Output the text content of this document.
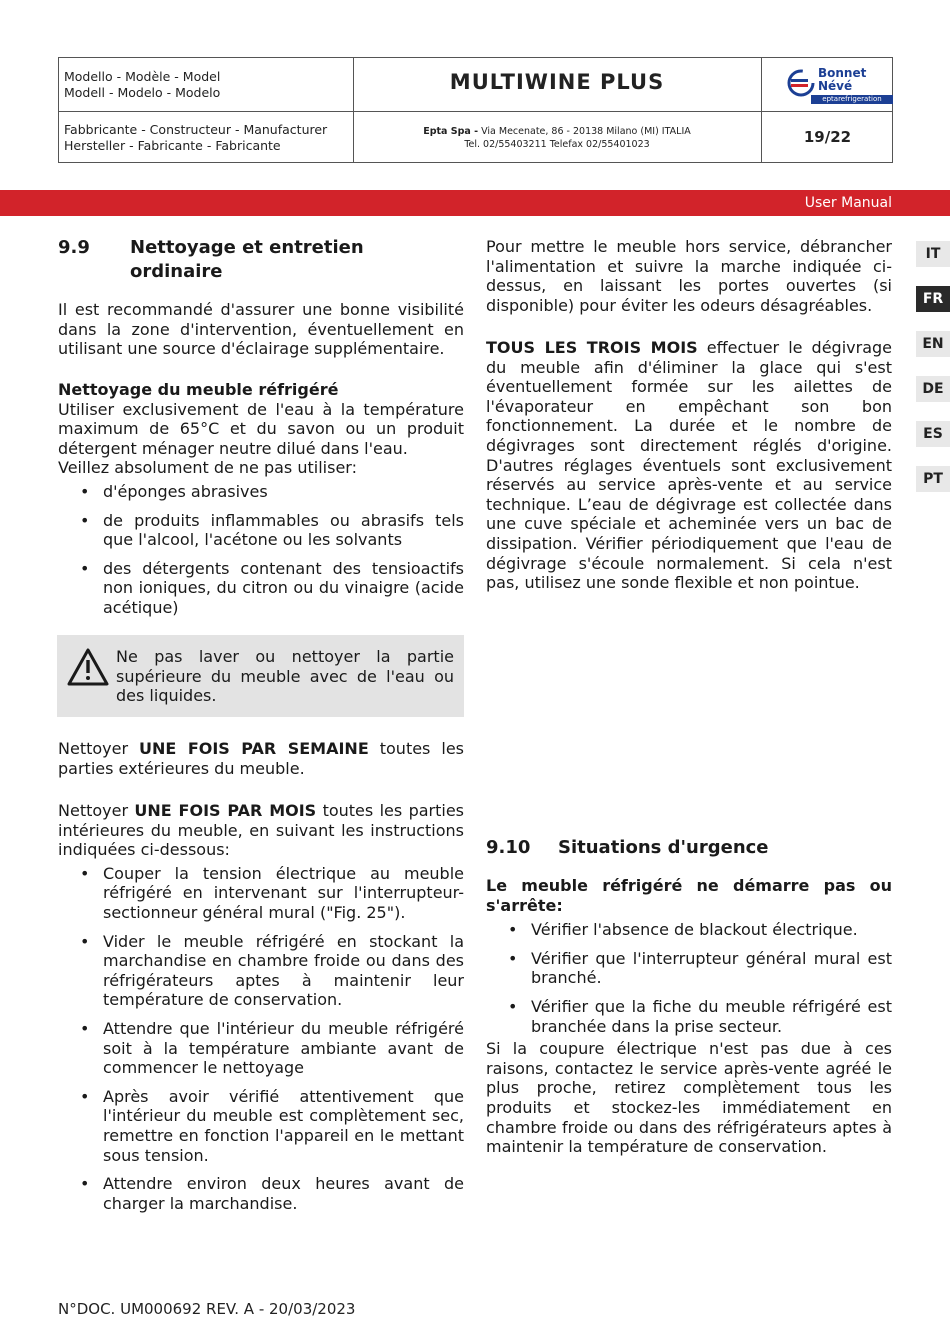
Modello - Modèle - Model
Modell - Modelo - Modelo
Fabbricante - Constructeur - Manufacturer
Hersteller - Fabricante - Fabricante
MULTIWINE PLUS
Epta Spa - Via Mecenate, 86 - 20138 Milano (MI) ITALIA
Tel. 02/55403211 Telefax 02/55401023	19/22
Bonnet
Névé
eptarefrigeration
User Manual
9.9 Nettoyage et entretien
ordinaire
Il est recommandé d'assurer une bonne visibilité dans la zone d'intervention, éventuellement en utilisant une source d'éclairage supplémentaire.
Nettoyage du meuble réfrigéré

Utiliser exclusivement de l'eau à la température maximum de 65°C et du savon ou un produit détergent ménager neutre dilué dans l'eau.

Veillez absolument de ne pas utiliser:

• d'éponges abrasives
• de produits inflammables ou abrasifs tels que l'alcool, l'acétone ou les solvants
• des détergents contenant des tensioactifs non ioniques, du citron ou du vinaigre (acide acétique)
Ne pas laver ou nettoyer la partie supérieure du meuble avec de l'eau ou des liquides.
Nettoyer UNE FOIS PAR SEMAINE toutes les parties extérieures du meuble.

Nettoyer UNE FOIS PAR MOIS toutes les parties intérieures du meuble, en suivant les instructions indiquées ci-dessous:

• Couper la tension électrique au meuble réfrigéré en intervenant sur l'interrupteur-sectionneur général mural ("Fig. 25").
• Vider le meuble réfrigéré en stockant la marchandise en chambre froide ou dans des réfrigérateurs aptes à maintenir leur température de conservation.
• Attendre que l'intérieur du meuble réfrigéré soit à la température ambiante avant de commencer le nettoyage
• Après avoir vérifié attentivement que l'intérieur du meuble est complètement sec, remettre en fonction l'appareil en le mettant sous tension.
• Attendre environ deux heures avant de charger la marchandise.
Pour mettre le meuble hors service, débrancher l'alimentation et suivre la marche indiquée ci-dessus, en laissant les portes ouvertes (si disponible) pour éviter les odeurs désagréables.
TOUS LES TROIS MOIS effectuer le dégivrage du meuble afin d'éliminer la glace qui s'est éventuellement formée sur les ailettes de l'évaporateur en empêchant son bon fonctionnement. La durée et le nombre de dégivrages sont directement réglés d'origine. D'autres réglages éventuels sont exclusivement réservés au service après-vente et au service technique. L’eau de dégivrage est collectée dans une cuve spéciale et acheminée vers un bac de dissipation. Vérifier périodiquement que l'eau de dégivrage s'écoule normalement. Si cela n'est pas, utilisez une sonde flexible et non pointue.
9.10 Situations d'urgence
Le meuble réfrigéré ne démarre pas ou s'arrête:
• Vérifier l'absence de blackout électrique.
• Vérifier que l'interrupteur général mural est branché.
• Vérifier que la fiche du meuble réfrigéré est branchée dans la prise secteur.

Si la coupure électrique n'est pas due à ces raisons, contactez le service après-vente agréé le plus proche, retirez complètement tous les produits et stockez-les immédiatement en chambre froide ou dans des réfrigérateurs aptes à maintenir la température de conservation.

IT
FR
EN
DE
ES
PT
N°DOC. UM000692 REV. A - 20/03/2023
